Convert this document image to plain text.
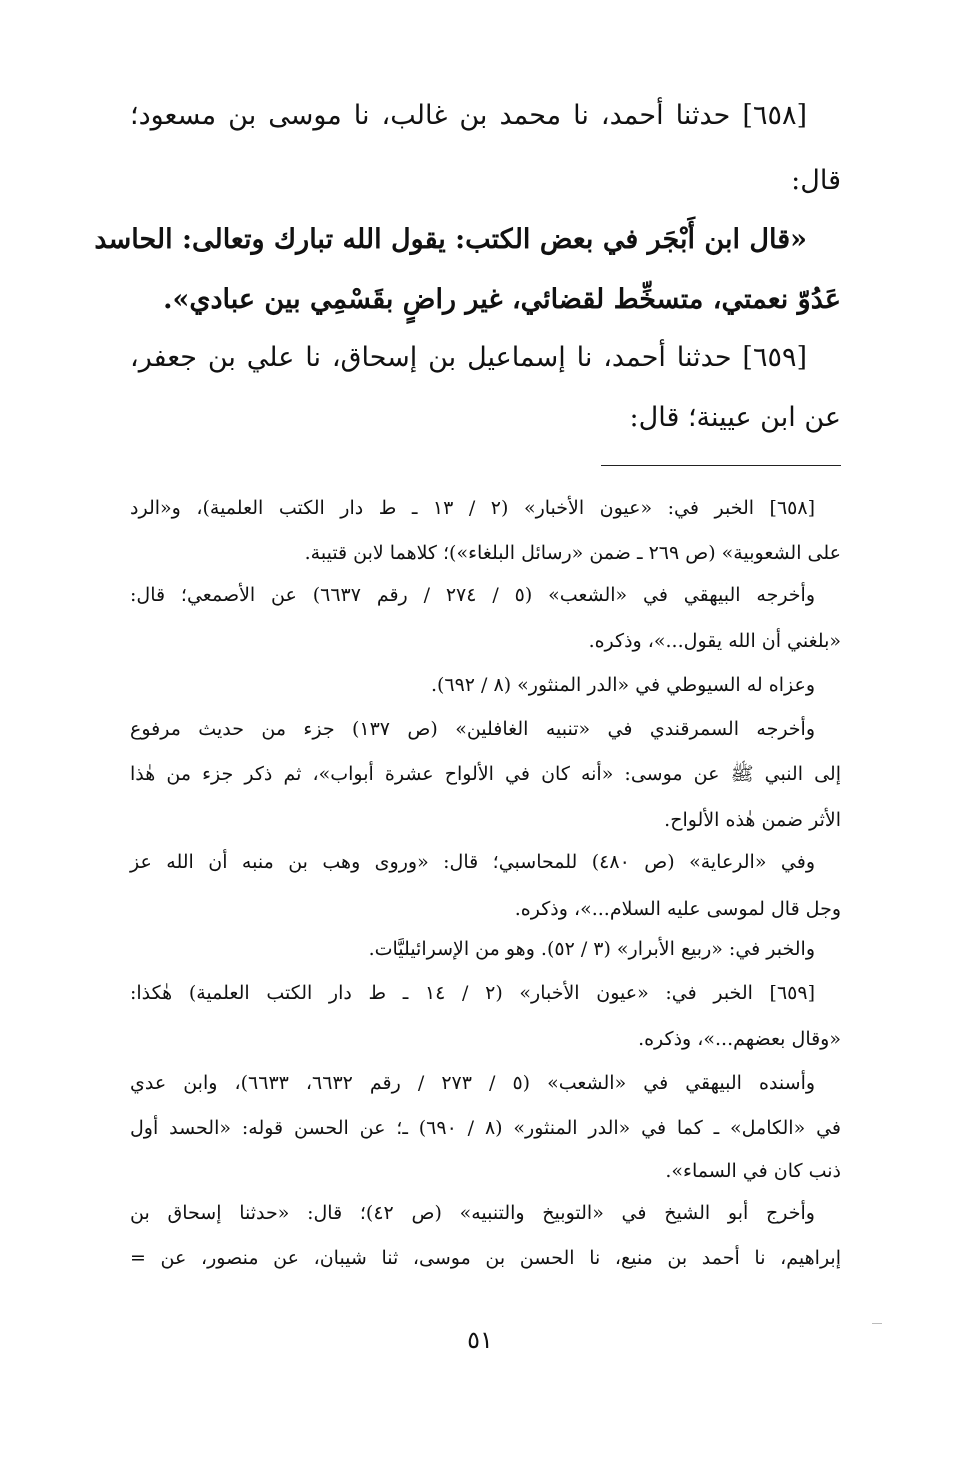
[٦٥٨] حدثنا أحمد، نا محمد بن غالب، نا موسى بن مسعود؛
قال:
«قال ابن أَبْجَر في بعض الكتب: يقول الله تبارك وتعالى: الحاسد
عَدُوّ نعمتي، متسخِّط لقضائي، غير راضٍ بقَسْمِي بين عبادي».
[٦٥٩] حدثنا أحمد، نا إسماعيل بن إسحاق، نا علي بن جعفر،
عن ابن عيينة؛ قال:
[٦٥٨] الخبر في: «عيون الأخبار» (٢ / ١٣ ـ ط دار الكتب العلمية)، و«الرد
على الشعوبية» (ص ٢٦٩ ـ ضمن «رسائل البلغاء»)؛ كلاهما لابن قتيبة.
وأخرجه البيهقي في «الشعب» (٥ / ٢٧٤ / رقم ٦٦٣٧) عن الأصمعي؛ قال:
«بلغني أن الله يقول...»، وذكره.
وعزاه له السيوطي في «الدر المنثور» (٨ / ٦٩٢).
وأخرجه السمرقندي في «تنبيه الغافلين» (ص ١٣٧) جزء من حديث مرفوع
إلى النبي ﷺ عن موسى: «أنه كان في الألواح عشرة أبواب»، ثم ذكر جزء من هٰذا
الأثر ضمن هٰذه الألواح.
وفي «الرعاية» (ص ٤٨٠) للمحاسبي؛ قال: «وروى وهب بن منبه أن الله عز
وجل قال لموسى عليه السلام...»، وذكره.
والخبر في: «ربيع الأبرار» (٣ / ٥٢). وهو من الإسرائيليَّات.
[٦٥٩] الخبر في: «عيون الأخبار» (٢ / ١٤ ـ ط دار الكتب العلمية) هٰكذا:
«وقال بعضهم...»، وذكره.
وأسنده البيهقي في «الشعب» (٥ / ٢٧٣ / رقم ٦٦٣٢، ٦٦٣٣)، وابن عدي
في «الكامل» ـ كما في «الدر المنثور» (٨ / ٦٩٠) ـ؛ عن الحسن قوله: «الحسد أول
ذنب كان في السماء».
وأخرج أبو الشيخ في «التوبيخ والتنبيه» (ص ٤٢)؛ قال: «حدثنا إسحاق بن
إبراهيم، نا أحمد بن منيع، نا الحسن بن موسى، ثنا شيبان، عن منصور، عن =
٥١
